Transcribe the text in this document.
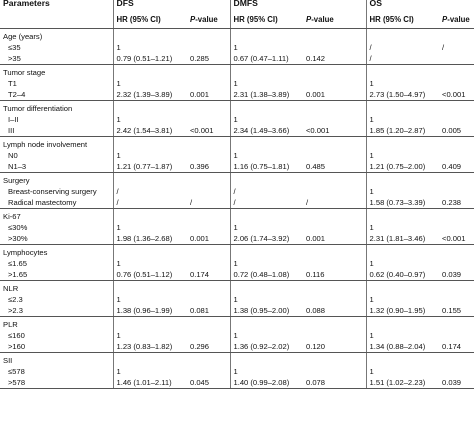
Parameters	DFS		DMFS		OS	
	HR (95% CI)	P-value	HR (95% CI)	P-value	HR (95% CI)	P-value
Age (years)						
≤35	1		1		/	/
>35	0.79 (0.51–1.21)	0.285	0.67 (0.47–1.11)	0.142	/	
Tumor stage						
T1	1		1		1	
T2–4	2.32 (1.39–3.89)	0.001	2.31 (1.38–3.89)	0.001	2.73 (1.50–4.97)	<0.001
Tumor differentiation						
I–II	1		1		1	
III	2.42 (1.54–3.81)	<0.001	2.34 (1.49–3.66)	<0.001	1.85 (1.20–2.87)	0.005
Lymph node involvement						
N0	1		1		1	
N1–3	1.21 (0.77–1.87)	0.396	1.16 (0.75–1.81)	0.485	1.21 (0.75–2.00)	0.409
Surgery						
Breast-conserving surgery	/		/		1	
Radical mastectomy	/	/	/	/	1.58 (0.73–3.39)	0.238
Ki-67						
≤30%	1		1		1	
>30%	1.98 (1.36–2.68)	0.001	2.06 (1.74–3.92)	0.001	2.31 (1.81–3.46)	<0.001
Lymphocytes						
≤1.65	1		1		1	
>1.65	0.76 (0.51–1.12)	0.174	0.72 (0.48–1.08)	0.116	0.62 (0.40–0.97)	0.039
NLR						
≤2.3	1		1		1	
>2.3	1.38 (0.96–1.99)	0.081	1.38 (0.95–2.00)	0.088	1.32 (0.90–1.95)	0.155
PLR						
≤160	1		1		1	
>160	1.23 (0.83–1.82)	0.296	1.36 (0.92–2.02)	0.120	1.34 (0.88–2.04)	0.174
SII						
≤578	1		1		1	
>578	1.46 (1.01–2.11)	0.045	1.40 (0.99–2.08)	0.078	1.51 (1.02–2.23)	0.039
